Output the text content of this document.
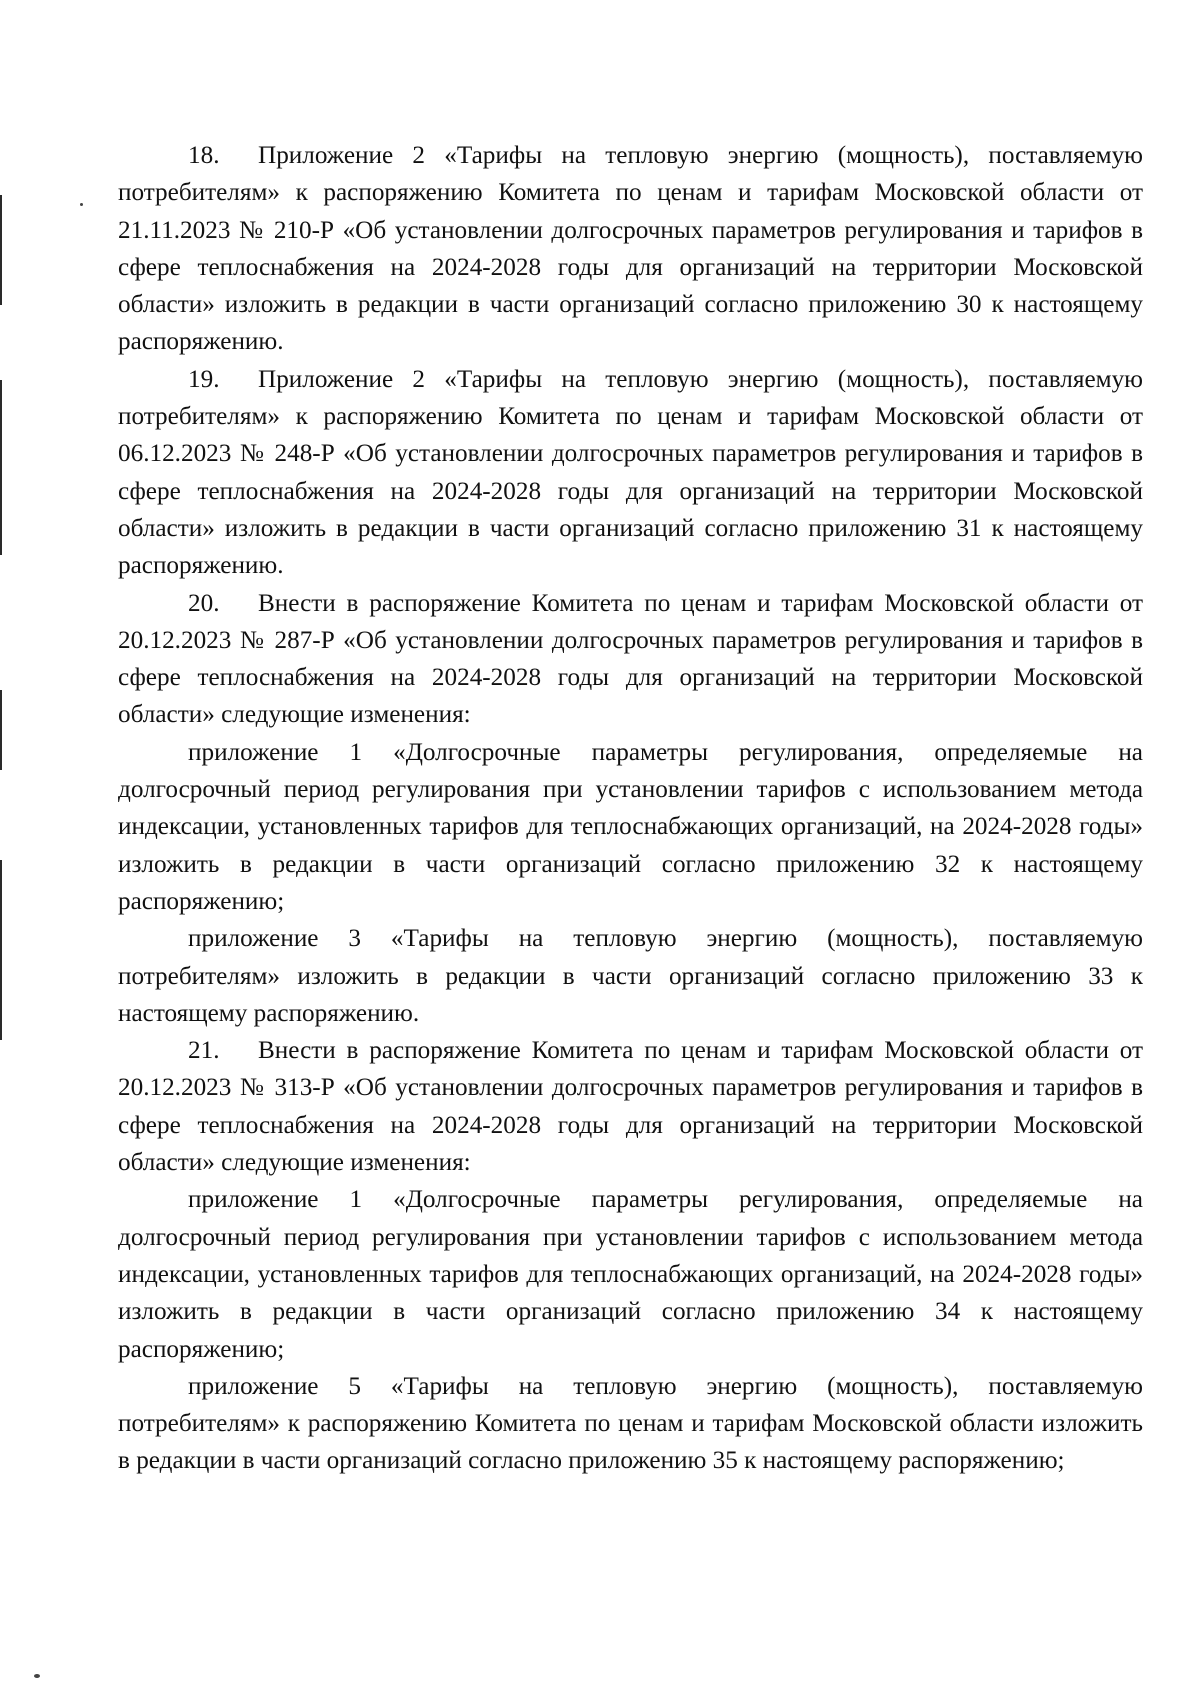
18. Приложение 2 «Тарифы на тепловую энергию (мощность), поставляемую потребителям» к распоряжению Комитета по ценам и тарифам Московской области от 21.11.2023 № 210-Р «Об установлении долгосрочных параметров регулирования и тарифов в сфере теплоснабжения на 2024-2028 годы для организаций на территории Московской области» изложить в редакции в части организаций согласно приложению 30 к настоящему распоряжению.

19. Приложение 2 «Тарифы на тепловую энергию (мощность), поставляемую потребителям» к распоряжению Комитета по ценам и тарифам Московской области от 06.12.2023 № 248-Р «Об установлении долгосрочных параметров регулирования и тарифов в сфере теплоснабжения на 2024-2028 годы для организаций на территории Московской области» изложить в редакции в части организаций согласно приложению 31 к настоящему распоряжению.

20. Внести в распоряжение Комитета по ценам и тарифам Московской области от 20.12.2023 № 287-Р «Об установлении долгосрочных параметров регулирования и тарифов в сфере теплоснабжения на 2024-2028 годы для организаций на территории Московской области» следующие изменения:

приложение 1 «Долгосрочные параметры регулирования, определяемые на долгосрочный период регулирования при установлении тарифов с использованием метода индексации, установленных тарифов для теплоснабжающих организаций, на 2024-2028 годы» изложить в редакции в части организаций согласно приложению 32 к настоящему распоряжению;

приложение 3 «Тарифы на тепловую энергию (мощность), поставляемую потребителям» изложить в редакции в части организаций согласно приложению 33 к настоящему распоряжению.

21. Внести в распоряжение Комитета по ценам и тарифам Московской области от 20.12.2023 № 313-Р «Об установлении долгосрочных параметров регулирования и тарифов в сфере теплоснабжения на 2024-2028 годы для организаций на территории Московской области» следующие изменения:

приложение 1 «Долгосрочные параметры регулирования, определяемые на долгосрочный период регулирования при установлении тарифов с использованием метода индексации, установленных тарифов для теплоснабжающих организаций, на 2024-2028 годы» изложить в редакции в части организаций согласно приложению 34 к настоящему распоряжению;

приложение 5 «Тарифы на тепловую энергию (мощность), поставляемую потребителям» к распоряжению Комитета по ценам и тарифам Московской области изложить в редакции в части организаций согласно приложению 35 к настоящему распоряжению;
